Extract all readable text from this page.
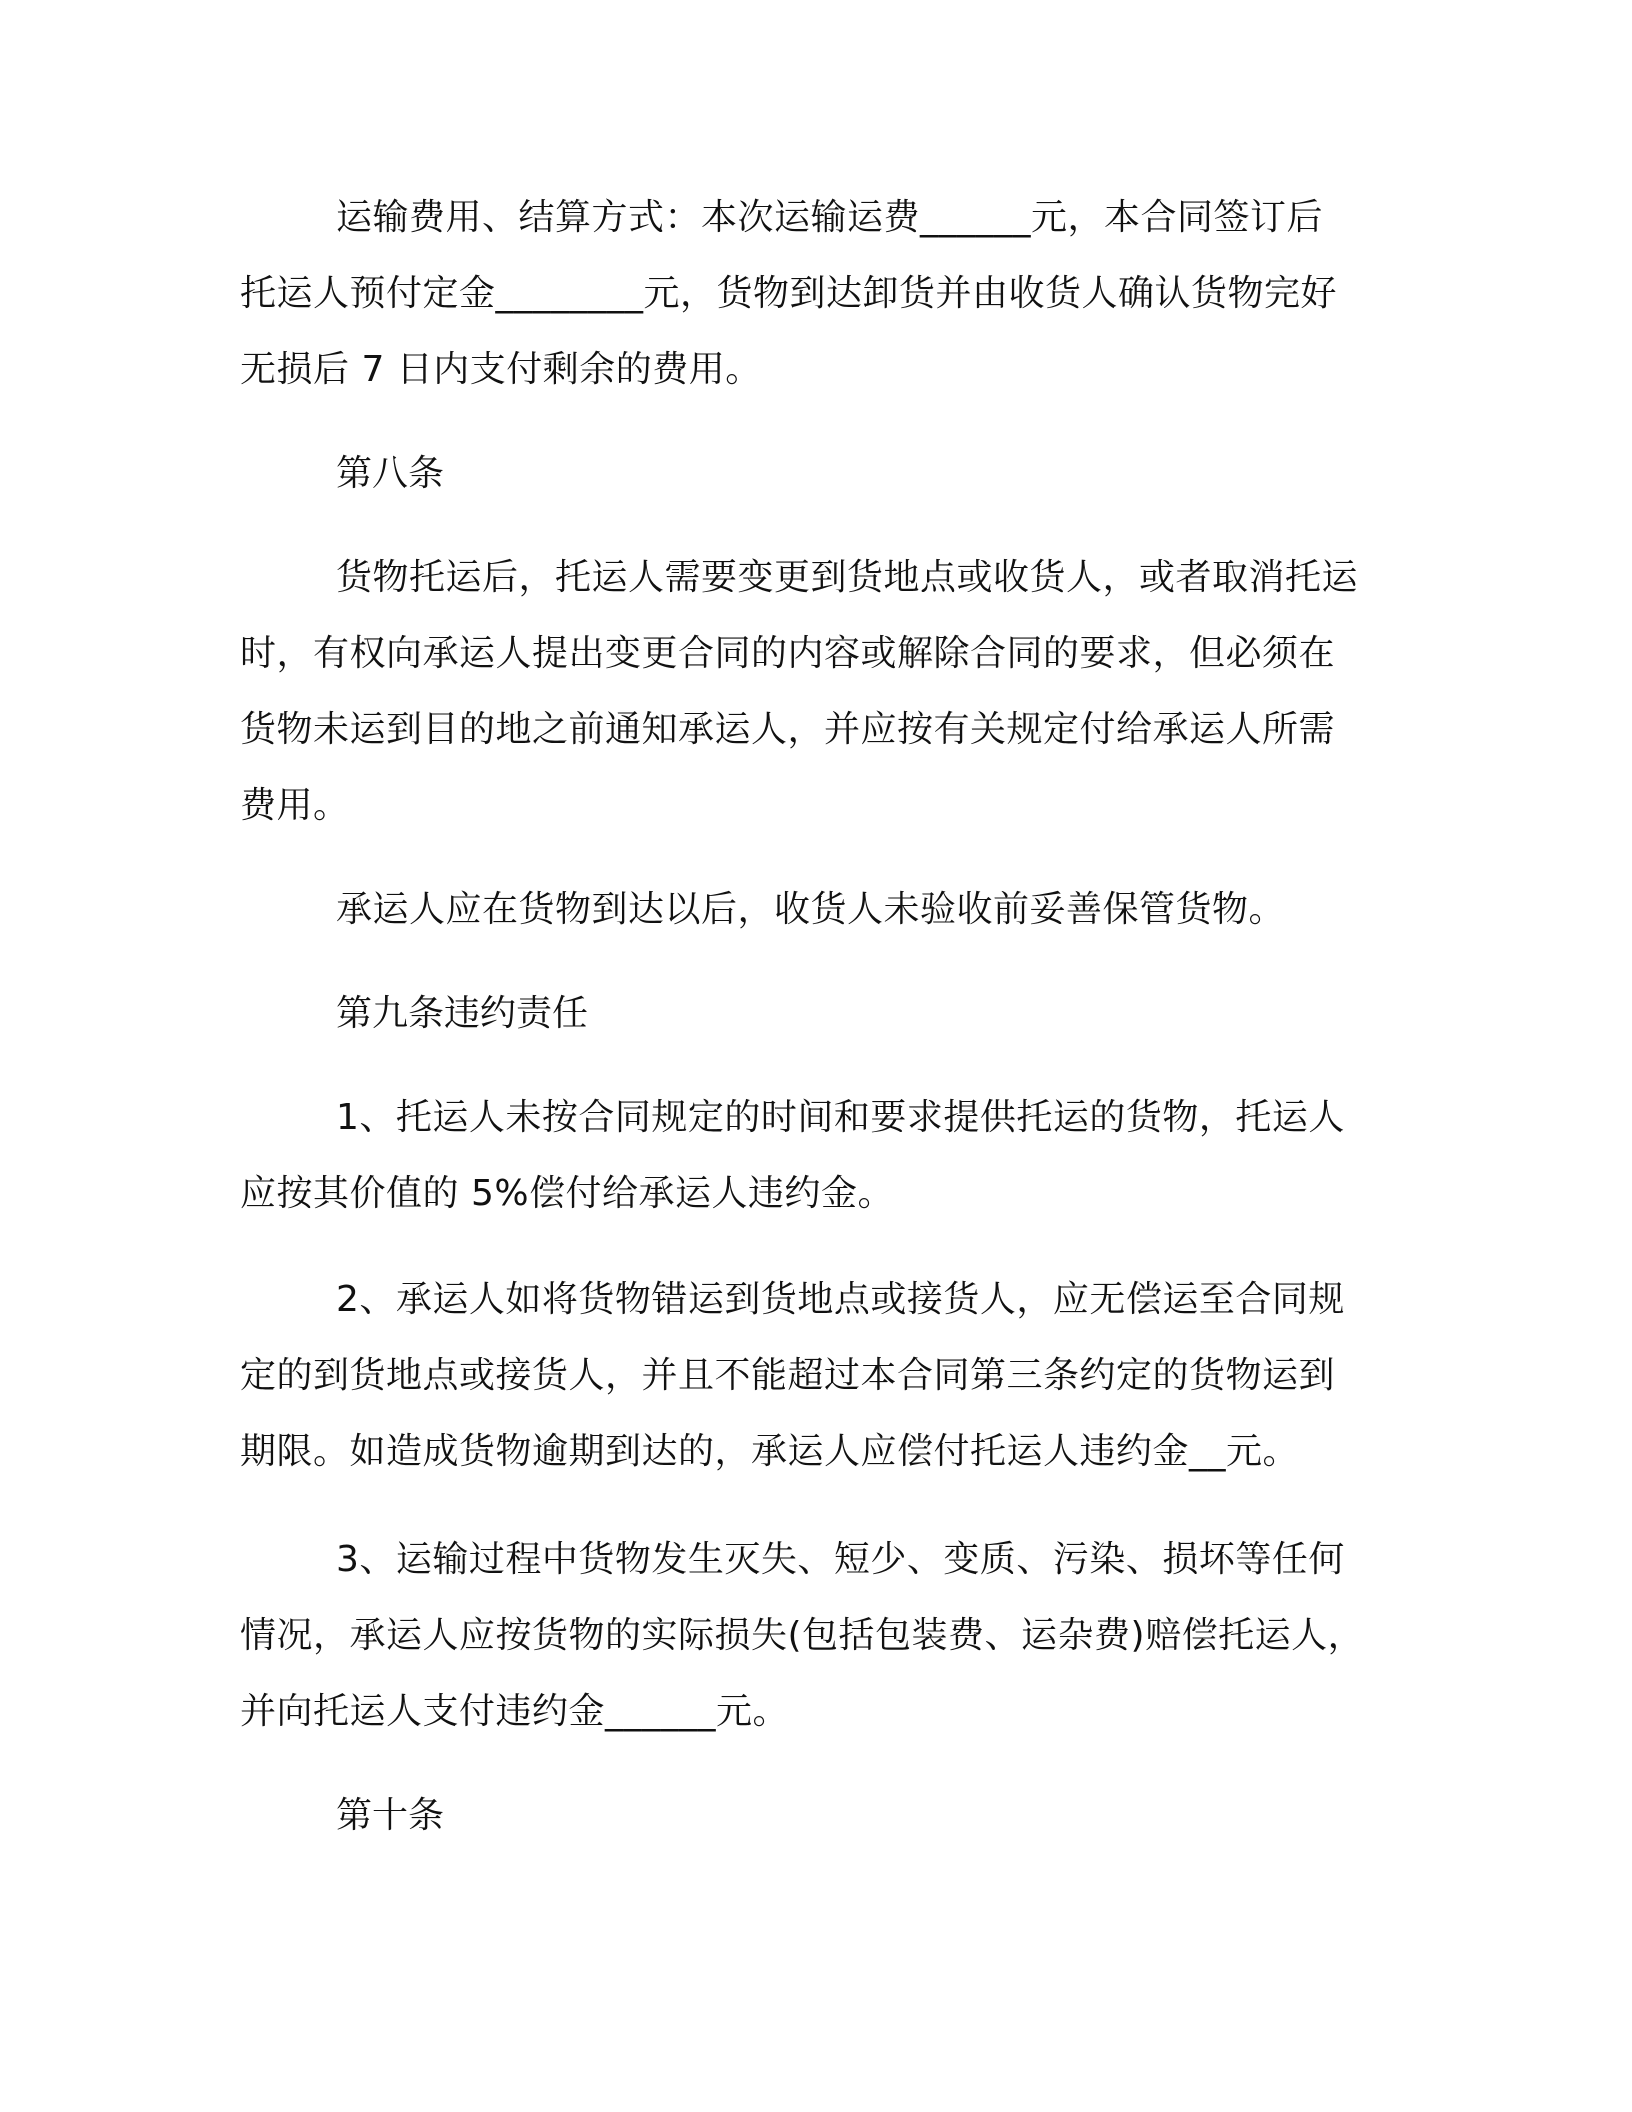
运输费用、结算方式：本次运输运费______元，本合同签订后
托运人预付定金________元，货物到达卸货并由收货人确认货物完好
无损后 7 日内支付剩余的费用。
第八条
货物托运后，托运人需要变更到货地点或收货人，或者取消托运
时，有权向承运人提出变更合同的内容或解除合同的要求，但必须在
货物未运到目的地之前通知承运人，并应按有关规定付给承运人所需
费用。
承运人应在货物到达以后，收货人未验收前妥善保管货物。
第九条违约责任
1、托运人未按合同规定的时间和要求提供托运的货物，托运人
应按其价值的 5%偿付给承运人违约金。
2、承运人如将货物错运到货地点或接货人，应无偿运至合同规
定的到货地点或接货人，并且不能超过本合同第三条约定的货物运到
期限。如造成货物逾期到达的，承运人应偿付托运人违约金__元。
3、运输过程中货物发生灭失、短少、变质、污染、损坏等任何
情况，承运人应按货物的实际损失(包括包装费、运杂费)赔偿托运人，
并向托运人支付违约金______元。
第十条
